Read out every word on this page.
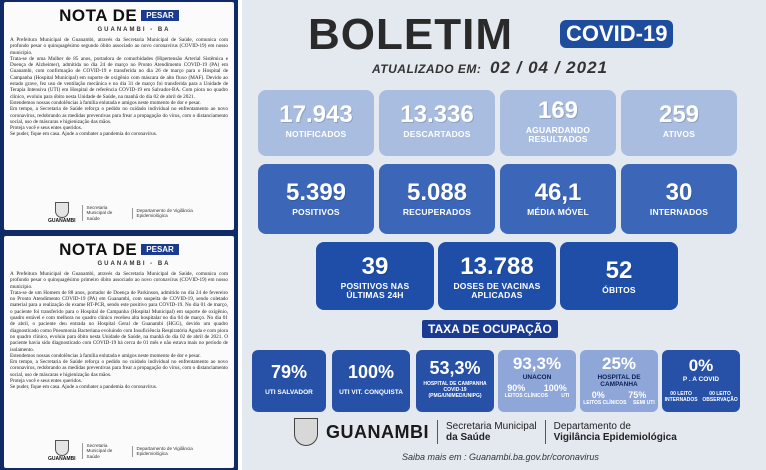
NOTA DE	PESAR
GUANAMBI - BA

A Prefeitura Municipal de Guanambi, através da Secretaria Municipal de Saúde, comunica com profundo pesar o quinquagésimo segundo óbito associado ao novo coronavírus (COVID-19) em nosso município.

Trata-se de uma Mulher de 85 anos, portadora de comorbidades (Hipertensão Arterial Sistêmica e Doença de Alzheimer), admitida no dia 24 de março no Pronto Atendimento COVID-19 (PA) em Guanambi, com confirmação de COVID-19 e transferida no dia 26 de março para o Hospital de Campanha (Hospital Municipal) em suporte de oxigênio com máscara de alto fluxo (MAF). Devido ao estado grave, fez uso de ventilação mecânica e no dia 31 de março foi transferida para a Unidade de Terapia Intensiva (UTI) em Hospital de referência COVID-19 em Salvador-BA. Com piora no quadro clínico, evoluiu para óbito nesta Unidade de Saúde, na manhã do dia 02 de abril de 2021.

Estendemos nossas condolências à família enlutada e amigos neste momento de dor e pesar.

Em tempo, a Secretaria de Saúde reforça o pedido no cuidado individual no enfrentamento ao novo coronavírus, redobrando as medidas preventivas para frear a propagação do vírus, com o distanciamento social, uso de máscaras e higienização das mãos.

Proteja você e seus entes queridos.

Se puder, fique em casa. Ajude a combater a pandemia do coronavírus.

GUANAMBI
Secretaria Municipal de Saúde
Departamento de Vigilância Epidemiológica
NOTA DE	PESAR
GUANAMBI - BA

A Prefeitura Municipal de Guanambi, através da Secretaria Municipal de Saúde, comunica com profundo pesar o quinquagésimo primeiro óbito associado ao novo coronavírus (COVID-19) em nosso município.

Trata-se de um Homem de 88 anos, portador de Doença de Parkinson, admitido no dia 24 de fevereiro no Pronto Atendimento COVID-19 (PA) em Guanambi, com suspeita de COVID-19, sendo coletado material para a realização do exame RT-PCR, sendo este positivo para COVID-19. No dia 01 de março, o paciente foi transferido para o Hospital de Campanha (Hospital Municipal) em suporte de oxigênio, quadro estável e com melhora no quadro clínico recebeu alta hospitalar no dia 04 de março. No dia 01 de abril, o paciente deu entrada no Hospital Geral de Guanambi (HGG), devido um quadro diagnosticado como Pneumonia Bacteriana evoluindo com Insuficiência Respiratória Aguda e com piora no quadro clínico, evoluiu para óbito nesta Unidade de Saúde, na manhã do dia 02 de abril de 2021. O paciente havia sido diagnosticado com COVID-19 há cerca de 01 mês e não estava mais no período de isolamento.

Estendemos nossas condolências à família enlutada e amigos neste momento de dor e pesar.

Em tempo, a Secretaria de Saúde reforça o pedido no cuidado individual no enfrentamento ao novo coronavírus, redobrando as medidas preventivas para frear a propagação do vírus, com o distanciamento social, uso de máscaras e higienização das mãos.

Proteja você e seus entes queridos.

Se puder, fique em casa. Ajude a combater a pandemia do coronavírus.

GUANAMBI
Secretaria Municipal de Saúde
Departamento de Vigilância Epidemiológica
BOLETIM COVID-19
ATUALIZADO EM: 02 / 04 / 2021
17.943
NOTIFICADOS
13.336
DESCARTADOS
169
AGUARDANDO RESULTADOS
259
ATIVOS
5.399
POSITIVOS
5.088
RECUPERADOS
46,1
MÉDIA MÓVEL
30
INTERNADOS
39
POSITIVOS NAS ÚLTIMAS 24H
13.788
DOSES DE VACINAS APLICADAS
52
ÓBITOS
TAXA DE OCUPAÇÃO
79%
UTI SALVADOR
100%
UTI VIT. CONQUISTA
53,3%
HOSPITAL DE CAMPANHA COVID-19 (PMG/UNIMED/UNIPG)
93,3%
UNACON
90% 100%
LEITOS CLÍNICOS	UTI
25%
HOSPITAL DE CAMPANHA
0%	75%
LEITOS CLÍNICOS SEMI UTI
0%
P . A COVID
00 LEITO INTERNADOS
00 LEITO OBSERVAÇÃO
GUANAMBI Secretaria Municipal
da Saúde
Departamento de
Vigilância Epidemiológica
Saiba mais em : Guanambi.ba.gov.br/coronavirus
